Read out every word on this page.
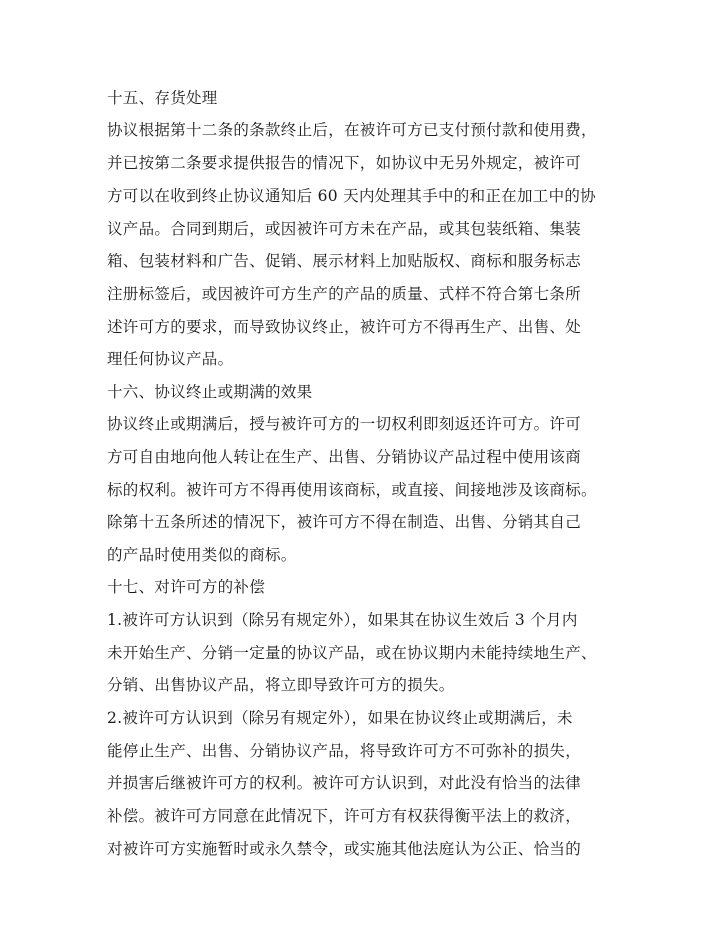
十五、存货处理
协议根据第十二条的条款终止后，在被许可方已支付预付款和使用费，
并已按第二条要求提供报告的情况下，如协议中无另外规定，被许可
方可以在收到终止协议通知后 60 天内处理其手中的和正在加工中的协
议产品。合同到期后，或因被许可方未在产品，或其包装纸箱、集装
箱、包装材料和广告、促销、展示材料上加贴版权、商标和服务标志
注册标签后，或因被许可方生产的产品的质量、式样不符合第七条所
述许可方的要求，而导致协议终止，被许可方不得再生产、出售、处
理任何协议产品。
十六、协议终止或期满的效果
协议终止或期满后，授与被许可方的一切权利即刻返还许可方。许可
方可自由地向他人转让在生产、出售、分销协议产品过程中使用该商
标的权利。被许可方不得再使用该商标，或直接、间接地涉及该商标。
除第十五条所述的情况下，被许可方不得在制造、出售、分销其自己
的产品时使用类似的商标。
十七、对许可方的补偿
1.被许可方认识到（除另有规定外），如果其在协议生效后 3 个月内
未开始生产、分销一定量的协议产品，或在协议期内未能持续地生产、
分销、出售协议产品，将立即导致许可方的损失。
2.被许可方认识到（除另有规定外），如果在协议终止或期满后，未
能停止生产、出售、分销协议产品，将导致许可方不可弥补的损失，
并损害后继被许可方的权利。被许可方认识到，对此没有恰当的法律
补偿。被许可方同意在此情况下，许可方有权获得衡平法上的救济，
对被许可方实施暂时或永久禁令，或实施其他法庭认为公正、恰当的
